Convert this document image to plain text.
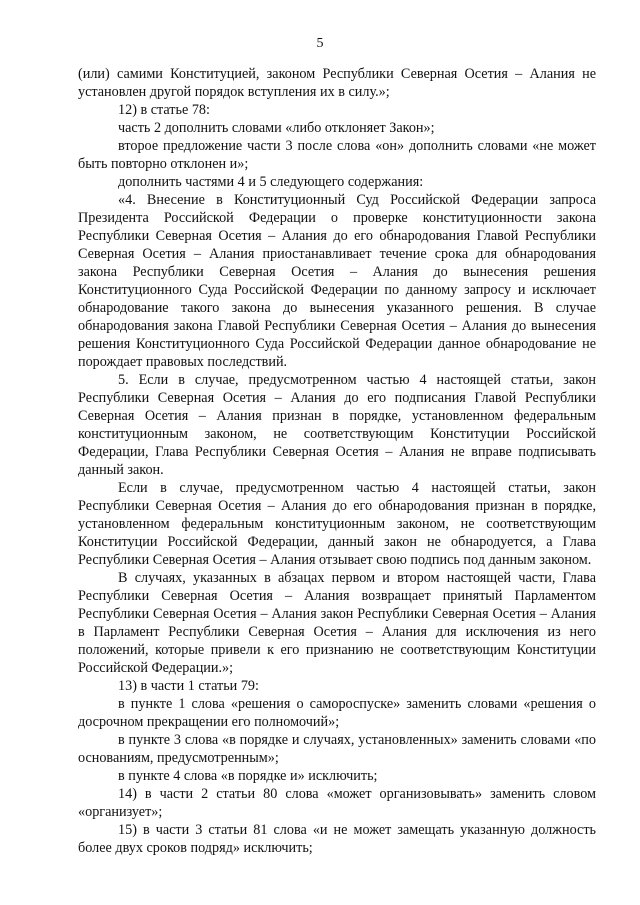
5

(или) самими Конституцией, законом Республики Северная Осетия – Алания не установлен другой порядок вступления их в силу.»;

12) в статье 78:

часть 2 дополнить словами «либо отклоняет Закон»;

второе предложение части 3 после слова «он» дополнить словами «не может быть повторно отклонен и»;

дополнить частями 4 и 5 следующего содержания:

«4. Внесение в Конституционный Суд Российской Федерации запроса Президента Российской Федерации о проверке конституционности закона Республики Северная Осетия – Алания до его обнародования Главой Республики Северная Осетия – Алания приостанавливает течение срока для обнародования закона Республики Северная Осетия – Алания до вынесения решения Конституционного Суда Российской Федерации по данному запросу и исключает обнародование такого закона до вынесения указанного решения. В случае обнародования закона Главой Республики Северная Осетия – Алания до вынесения решения Конституционного Суда Российской Федерации данное обнародование не порождает правовых последствий.

5. Если в случае, предусмотренном частью 4 настоящей статьи, закон Республики Северная Осетия – Алания до его подписания Главой Республики Северная Осетия – Алания признан в порядке, установленном федеральным конституционным законом, не соответствующим Конституции Российской Федерации, Глава Республики Северная Осетия – Алания не вправе подписывать данный закон.

Если в случае, предусмотренном частью 4 настоящей статьи, закон Республики Северная Осетия – Алания до его обнародования признан в порядке, установленном федеральным конституционным законом, не соответствующим Конституции Российской Федерации, данный закон не обнародуется, а Глава Республики Северная Осетия – Алания отзывает свою подпись под данным законом.

В случаях, указанных в абзацах первом и втором настоящей части, Глава Республики Северная Осетия – Алания возвращает принятый Парламентом Республики Северная Осетия – Алания закон Республики Северная Осетия – Алания в Парламент Республики Северная Осетия – Алания для исключения из него положений, которые привели к его признанию не соответствующим Конституции Российской Федерации.»;

13) в части 1 статьи 79:

в пункте 1 слова «решения о самороспуске» заменить словами «решения о досрочном прекращении его полномочий»;

в пункте 3 слова «в порядке и случаях, установленных» заменить словами «по основаниям, предусмотренным»;

в пункте 4 слова «в порядке и» исключить;

14) в части 2 статьи 80 слова «может организовывать» заменить словом «организует»;

15) в части 3 статьи 81 слова «и не может замещать указанную должность более двух сроков подряд» исключить;
